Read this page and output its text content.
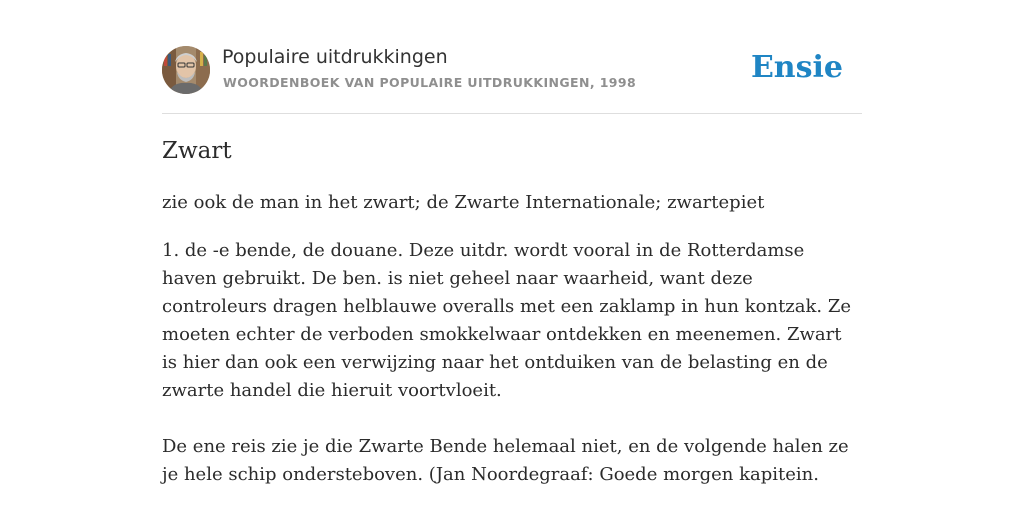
Populaire uitdrukkingen
WOORDENBOEK VAN POPULAIRE UITDRUKKINGEN, 1998	Ensie
Zwart
zie ook de man in het zwart; de Zwarte Internationale; zwartepiet

1. de -e bende, de douane. Deze uitdr. wordt vooral in de Rotterdamse haven gebruikt. De ben. is niet geheel naar waarheid, want deze controleurs dragen helblauwe overalls met een zaklamp in hun kontzak. Ze moeten echter de verboden smokkelwaar ontdekken en meenemen. Zwart is hier dan ook een verwijzing naar het ontduiken van de belasting en de zwarte handel die hieruit voortvloeit.

De ene reis zie je die Zwarte Bende helemaal niet, en de volgende halen ze je hele schip ondersteboven. (Jan Noordegraaf: Goede morgen kapitein.
